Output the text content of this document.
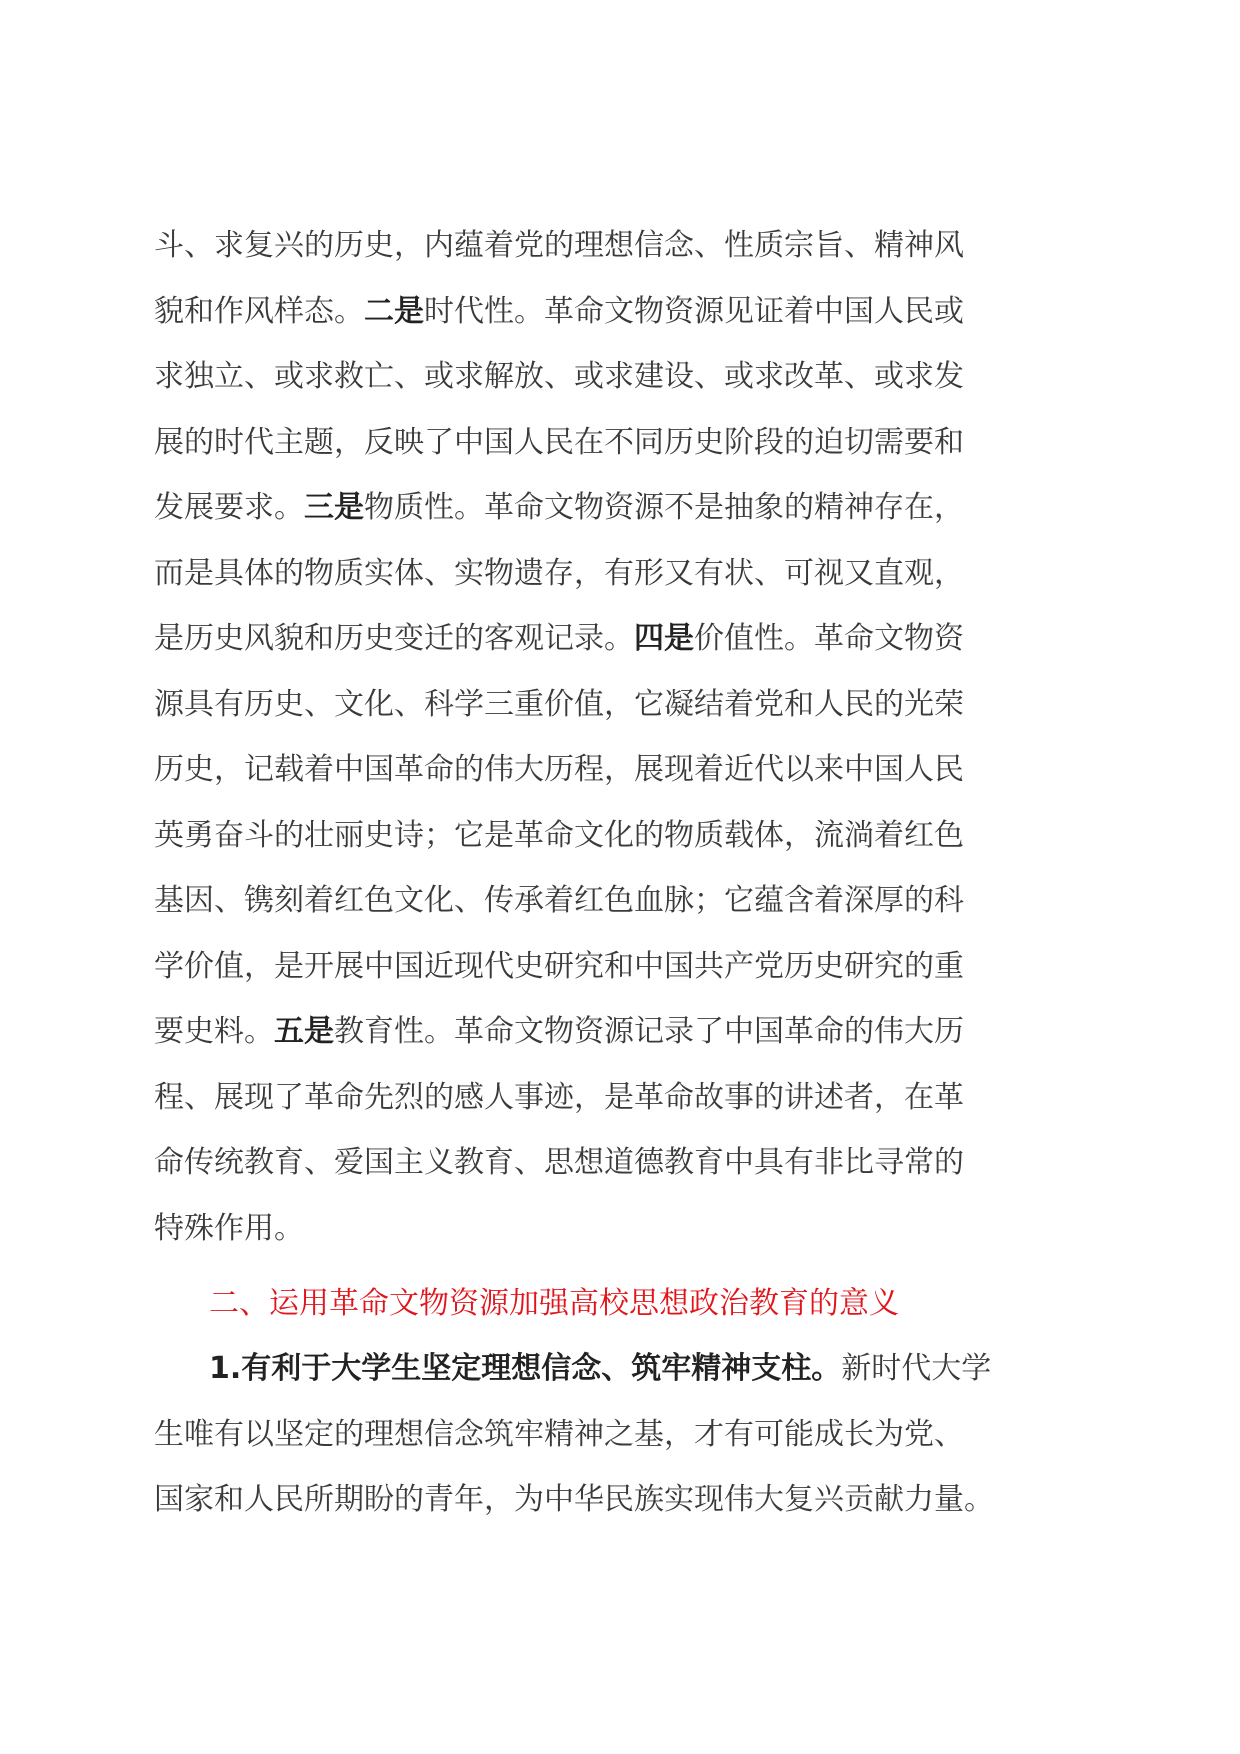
斗、求复兴的历史，内蕴着党的理想信念、性质宗旨、精神风
貌和作风样态。二是时代性。革命文物资源见证着中国人民或
求独立、或求救亡、或求解放、或求建设、或求改革、或求发
展的时代主题，反映了中国人民在不同历史阶段的迫切需要和
发展要求。三是物质性。革命文物资源不是抽象的精神存在，
而是具体的物质实体、实物遗存，有形又有状、可视又直观，
是历史风貌和历史变迁的客观记录。四是价值性。革命文物资
源具有历史、文化、科学三重价值，它凝结着党和人民的光荣
历史，记载着中国革命的伟大历程，展现着近代以来中国人民
英勇奋斗的壮丽史诗；它是革命文化的物质载体，流淌着红色
基因、镌刻着红色文化、传承着红色血脉；它蕴含着深厚的科
学价值，是开展中国近现代史研究和中国共产党历史研究的重
要史料。五是教育性。革命文物资源记录了中国革命的伟大历
程、展现了革命先烈的感人事迹，是革命故事的讲述者，在革
命传统教育、爱国主义教育、思想道德教育中具有非比寻常的
特殊作用。
二、运用革命文物资源加强高校思想政治教育的意义
1.有利于大学生坚定理想信念、筑牢精神支柱。新时代大学
生唯有以坚定的理想信念筑牢精神之基，才有可能成长为党、
国家和人民所期盼的青年，为中华民族实现伟大复兴贡献力量。
